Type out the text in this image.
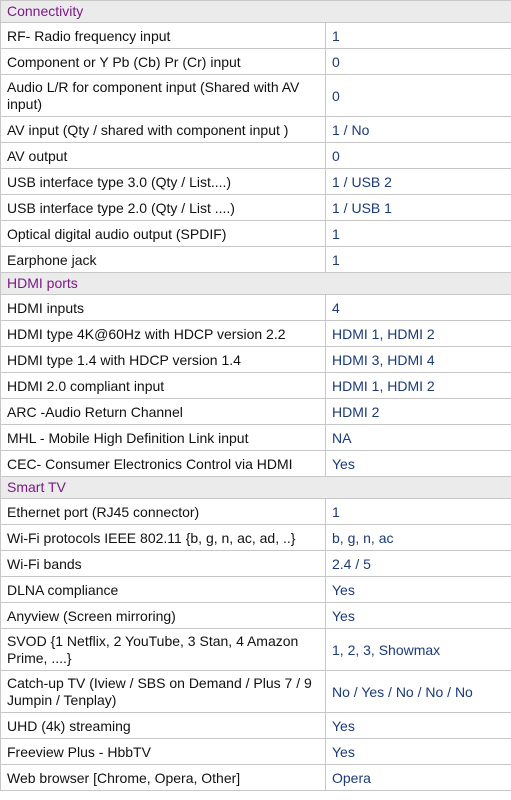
Connectivity	
RF- Radio frequency input	1
Component or Y Pb (Cb) Pr (Cr) input	0
Audio L/R for component input (Shared with AV input)	0
AV input (Qty / shared with component input )	1 / No
AV output	0
USB interface type 3.0 (Qty / List....)	1 / USB 2
USB interface type 2.0 (Qty / List ....)	1 / USB 1
Optical digital audio output (SPDIF)	1
Earphone jack	1
HDMI ports	
HDMI inputs	4
HDMI type 4K@60Hz with HDCP version 2.2	HDMI 1, HDMI 2
HDMI type 1.4 with HDCP version 1.4	HDMI 3, HDMI 4
HDMI 2.0 compliant input	HDMI 1, HDMI 2
ARC -Audio Return Channel	HDMI 2
MHL - Mobile High Definition Link input	NA
CEC- Consumer Electronics Control via HDMI	Yes
Smart TV	
Ethernet port (RJ45 connector)	1
Wi-Fi protocols IEEE 802.11 {b, g, n, ac, ad, ..}	b, g, n, ac
Wi-Fi bands	2.4 / 5
DLNA compliance	Yes
Anyview (Screen mirroring)	Yes
SVOD {1 Netflix, 2 YouTube, 3 Stan, 4 Amazon Prime, ....}	1, 2, 3, Showmax
Catch-up TV (Iview / SBS on Demand / Plus 7 / 9 Jumpin / Tenplay)	No / Yes / No / No / No
UHD (4k) streaming	Yes
Freeview Plus - HbbTV	Yes
Web browser [Chrome, Opera, Other]	Opera
